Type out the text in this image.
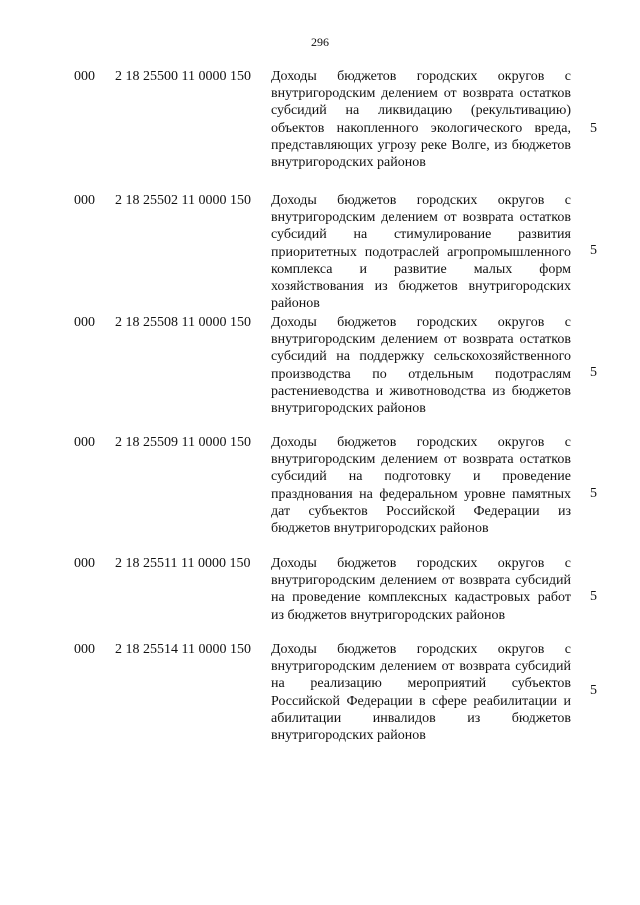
296
000 2 18 25500 11 0000 150 Доходы бюджетов городских округов с внутригородским делением от возврата остатков субсидий на ликвидацию (рекультивацию) объектов накопленного экологического вреда, представляющих угрозу реке Волге, из бюджетов внутригородских районов
5
000 2 18 25502 11 0000 150 Доходы бюджетов городских округов с внутригородским делением от возврата остатков субсидий на стимулирование развития приоритетных подотраслей агропромышленного комплекса и развитие малых форм хозяйствования из бюджетов внутригородских районов
5
000 2 18 25508 11 0000 150 Доходы бюджетов городских округов с внутригородским делением от возврата остатков субсидий на поддержку сельскохозяйственного производства по отдельным подотраслям растениеводства и животноводства из бюджетов внутригородских районов
5
000 2 18 25509 11 0000 150 Доходы бюджетов городских округов с внутригородским делением от возврата остатков субсидий на подготовку и проведение празднования на федеральном уровне памятных дат субъектов Российской Федерации из бюджетов внутригородских районов
5
000 2 18 25511 11 0000 150 Доходы бюджетов городских округов с внутригородским делением от возврата субсидий на проведение комплексных кадастровых работ из бюджетов внутригородских районов
5
000 2 18 25514 11 0000 150 Доходы бюджетов городских округов с внутригородским делением от возврата субсидий на реализацию мероприятий субъектов Российской Федерации в сфере реабилитации и абилитации инвалидов из бюджетов внутригородских районов
5
